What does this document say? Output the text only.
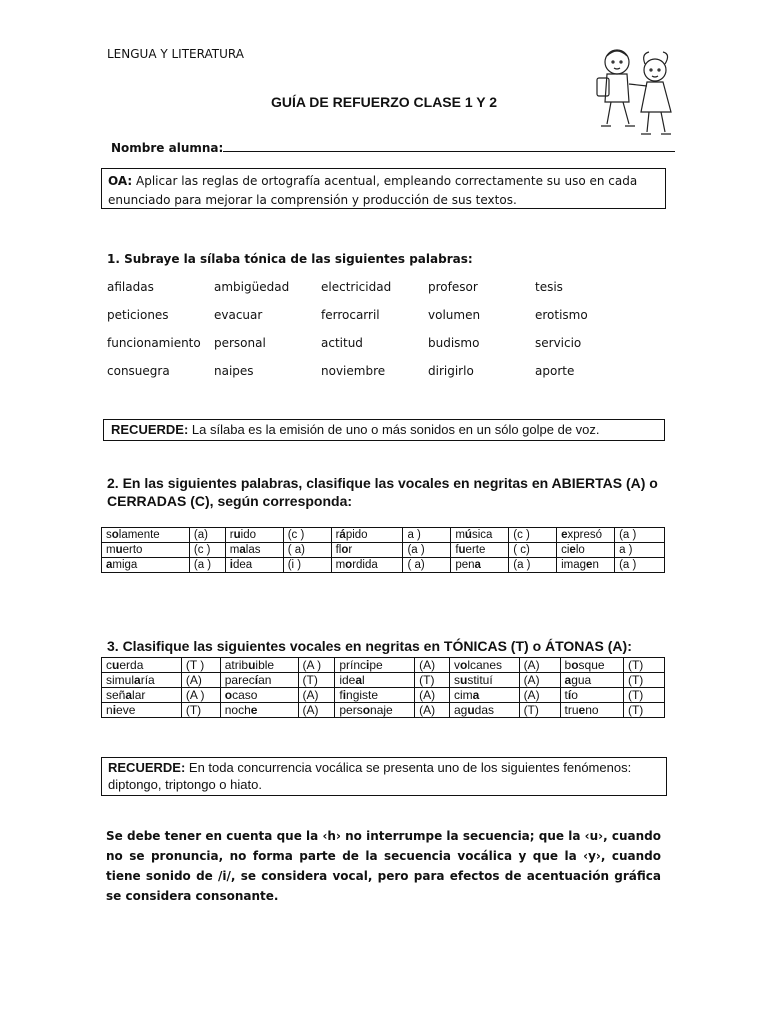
LENGUA Y LITERATURA
GUÍA DE REFUERZO CLASE 1 Y 2
Nombre alumna:
OA: Aplicar las reglas de ortografía acentual, empleando correctamente su uso en cada enunciado para mejorar la comprensión y producción de sus textos.
1. Subraye la sílaba tónica de las siguientes palabras:
afiladas	ambigüedad	electricidad	profesor	tesis
peticiones	evacuar	ferrocarril	volumen	erotismo
funcionamiento	personal	actitud	budismo	servicio
consuegra	naipes	noviembre	dirigirlo	aporte
RECUERDE: La sílaba es la emisión de uno o más sonidos en un sólo golpe de voz.
2. En las siguientes palabras, clasifique las vocales en negritas en ABIERTAS (A) o CERRADAS (C), según corresponda:
solamente	(a)	ruido	(c )	rápido	a )	música	(c )	expresó	(a )
muerto	(c )	malas	( a)	flor	(a )	fuerte	( c)	cielo	a )
amiga	(a )	idea	(i )	mordida	( a)	pena	(a )	imagen	(a )
3. Clasifique las siguientes vocales en negritas en TÓNICAS (T) o ÁTONAS (A):
cuerda	(T )	atribuible	(A )	príncipe	(A)	volcanes	(A)	bosque	(T)
simularía	(A)	parecían	(T)	ideal	(T)	sustituí	(A)	agua	(T)
señalar	(A )	ocaso	(A)	fingiste	(A)	cima	(A)	tío	(T)
nieve	(T)	noche	(A)	personaje	(A)	agudas	(T)	trueno	(T)
RECUERDE: En toda concurrencia vocálica se presenta uno de los siguientes fenómenos: diptongo, triptongo o hiato.
Se debe tener en cuenta que la ‹h› no interrumpe la secuencia; que la ‹u›, cuando no se pronuncia, no forma parte de la secuencia vocálica y que la ‹y›, cuando tiene sonido de /i/, se considera vocal, pero para efectos de acentuación gráfica se considera consonante.
